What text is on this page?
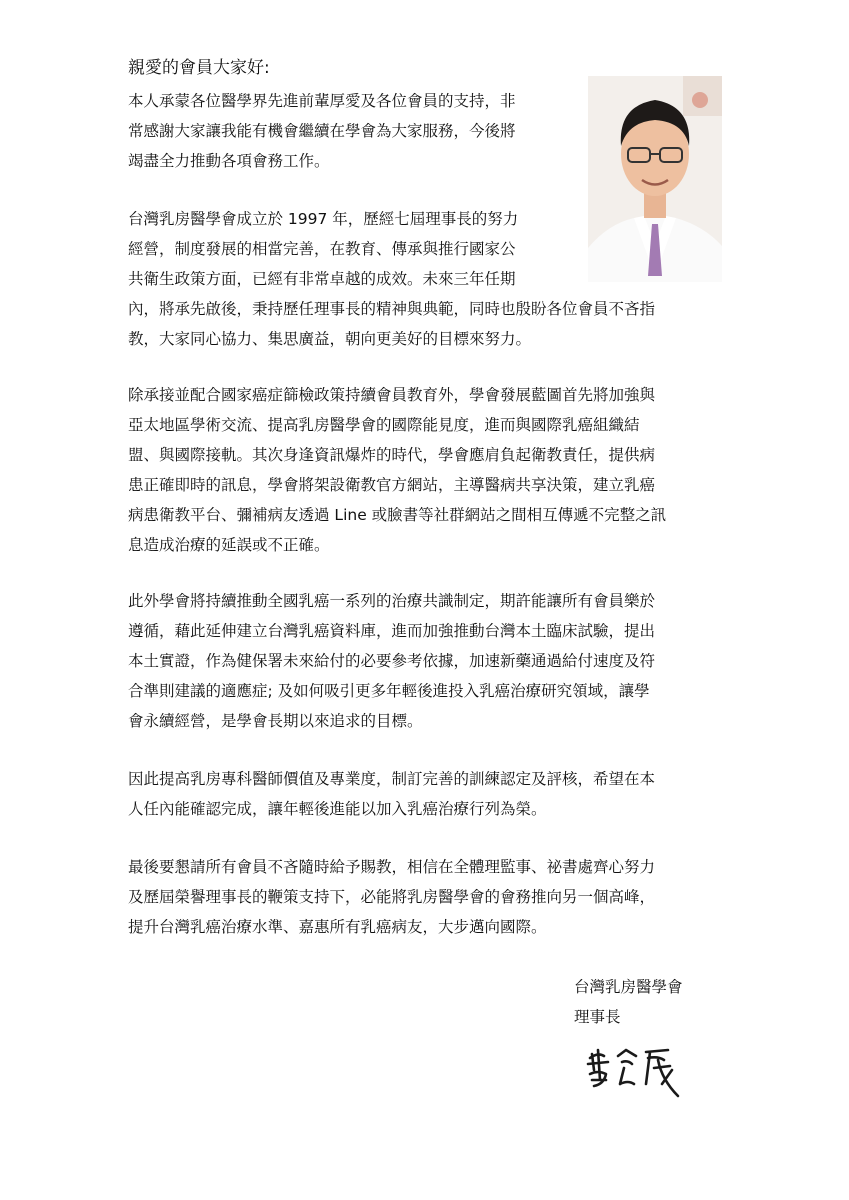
親愛的會員大家好:
本人承蒙各位醫學界先進前輩厚愛及各位會員的支持，非
常感謝大家讓我能有機會繼續在學會為大家服務，今後將
竭盡全力推動各項會務工作。
台灣乳房醫學會成立於 1997 年，歷經七屆理事長的努力
經營，制度發展的相當完善，在教育、傳承與推行國家公
共衛生政策方面，已經有非常卓越的成效。未來三年任期
內，將承先啟後，秉持歷任理事長的精神與典範，同時也殷盼各位會員不吝指
教，大家同心協力、集思廣益，朝向更美好的目標來努力。
除承接並配合國家癌症篩檢政策持續會員教育外，學會發展藍圖首先將加強與
亞太地區學術交流、提高乳房醫學會的國際能見度，進而與國際乳癌組織結
盟、與國際接軌。其次身逢資訊爆炸的時代，學會應肩負起衛教責任，提供病
患正確即時的訊息，學會將架設衛教官方網站，主導醫病共享決策，建立乳癌
病患衛教平台、彌補病友透過 Line 或臉書等社群網站之間相互傳遞不完整之訊
息造成治療的延誤或不正確。
此外學會將持續推動全國乳癌一系列的治療共識制定，期許能讓所有會員樂於
遵循，藉此延伸建立台灣乳癌資料庫，進而加強推動台灣本土臨床試驗，提出
本土實證，作為健保署未來給付的必要參考依據，加速新藥通過給付速度及符
合準則建議的適應症; 及如何吸引更多年輕後進投入乳癌治療研究領域，讓學
會永續經營，是學會長期以來追求的目標。
因此提高乳房專科醫師價值及專業度，制訂完善的訓練認定及評核，希望在本
人任內能確認完成，讓年輕後進能以加入乳癌治療行列為榮。
最後要懇請所有會員不吝隨時給予賜教，相信在全體理監事、祕書處齊心努力
及歷屆榮譽理事長的鞭策支持下，必能將乳房醫學會的會務推向另一個高峰，
提升台灣乳癌治療水準、嘉惠所有乳癌病友，大步邁向國際。
台灣乳房醫學會
理事長
